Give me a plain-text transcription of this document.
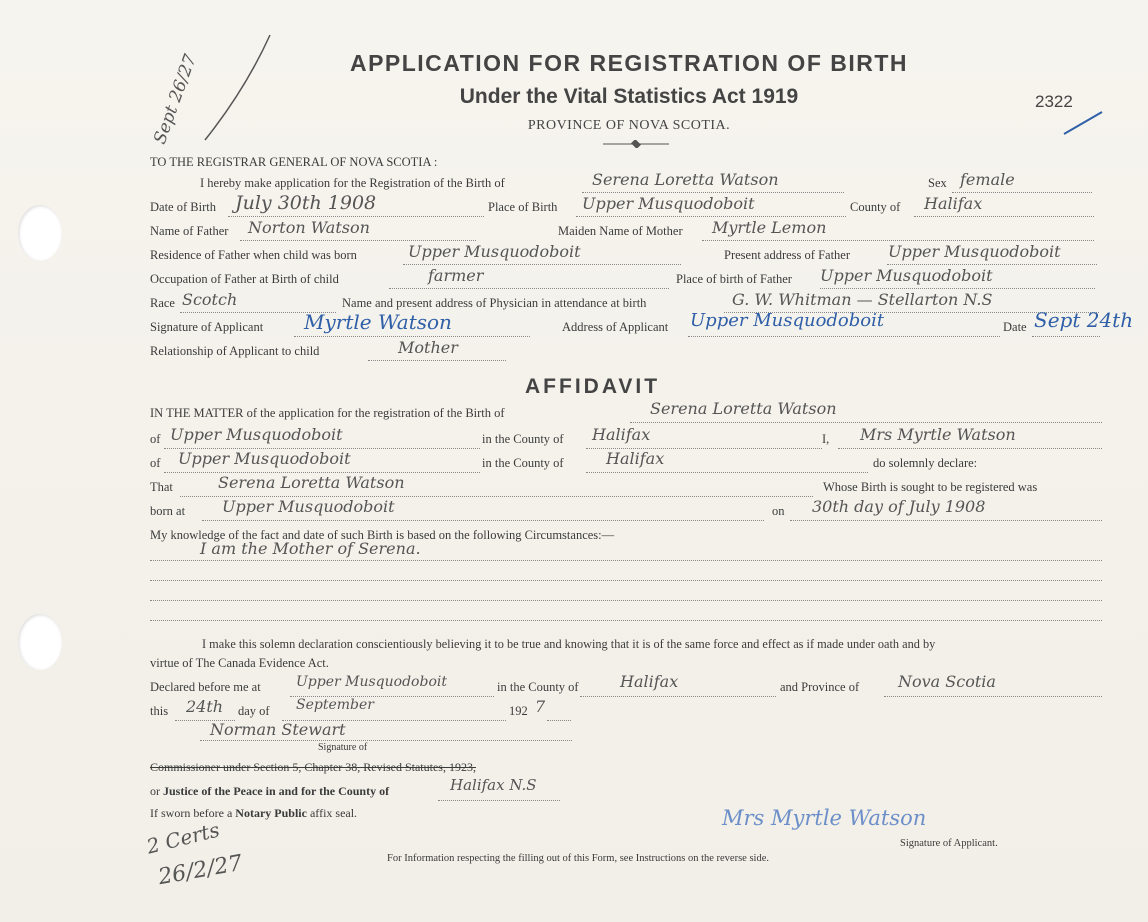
Sept 26/27	APPLICATION FOR REGISTRATION OF BIRTH
Under the Vital Statistics Act 1919
PROVINCE OF NOVA SCOTIA.
2322
TO THE REGISTRAR GENERAL OF NOVA SCOTIA :
I hereby make application for the Registration of the Birth of	Serena Loretta Watson	Sex female
Date of Birth July 30th 1908	Place of Birth Upper Musquodoboit	County of Halifax
Name of Father Norton Watson	Maiden Name of Mother Myrtle Lemon
Residence of Father when child was born	Upper Musquodoboit	Present address of Father Upper Musquodoboit
Occupation of Father at Birth of child	farmer	Place of birth of Father Upper Musquodoboit
Race Scotch	Name and present address of Physician in attendance at birth	G. W. Whitman — Stellarton N.S
Signature of Applicant Myrtle Watson	Address of Applicant Upper Musquodoboit	Date Sept 24th
Relationship of Applicant to child	Mother
AFFIDAVIT
IN THE MATTER of the application for the registration of the Birth of	Serena Loretta Watson
of Upper Musquodoboit	in the County of Halifax	I, Mrs Myrtle Watson
of Upper Musquodoboit	in the County of	Halifax	do solemnly declare:
That	Serena Loretta Watson	Whose Birth is sought to be registered was
born at Upper Musquodoboit	on 30th day of July 1908
My knowledge of the fact and date of such Birth is based on the following Circumstances:—
I am the Mother of Serena.
I make this solemn declaration conscientiously believing it to be true and knowing that it is of the same force and effect as if made under oath and by
virtue of The Canada Evidence Act.
Declared before me at	Upper Musquodoboit	in the County of	Halifax	and Province of Nova Scotia
this 24th day of September	192 7
Norman Stewart
Signature of
Commissioner under Section 5, Chapter 38, Revised Statutes, 1923,
or Justice of the Peace in and for the County of	Halifax N.S
If sworn before a Notary Public affix seal.	Mrs Myrtle Watson
Signature of Applicant.
2 Certs
26/2/27	For Information respecting the filling out of this Form, see Instructions on the reverse side.
